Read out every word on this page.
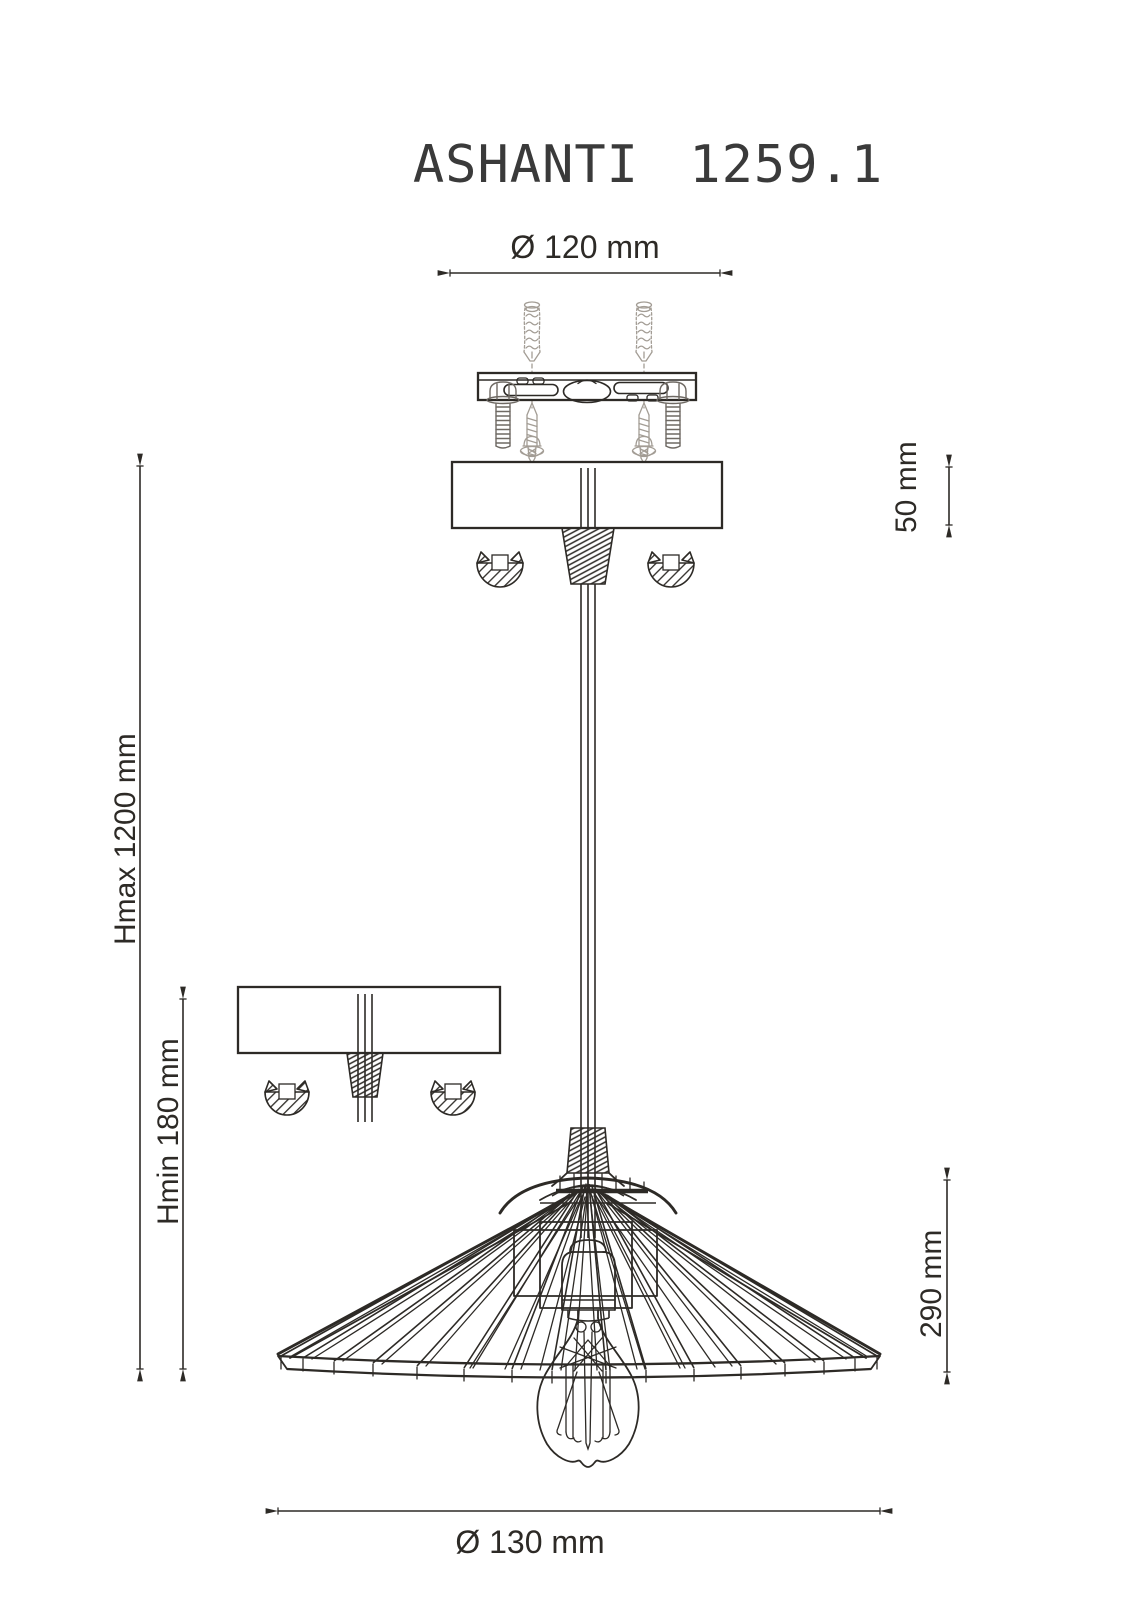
ASHANTI 1259.1
Ø 120 mm
50 mm
Hmax 1200 mm
Hmin 180 mm
290 mm
Ø 130 mm
